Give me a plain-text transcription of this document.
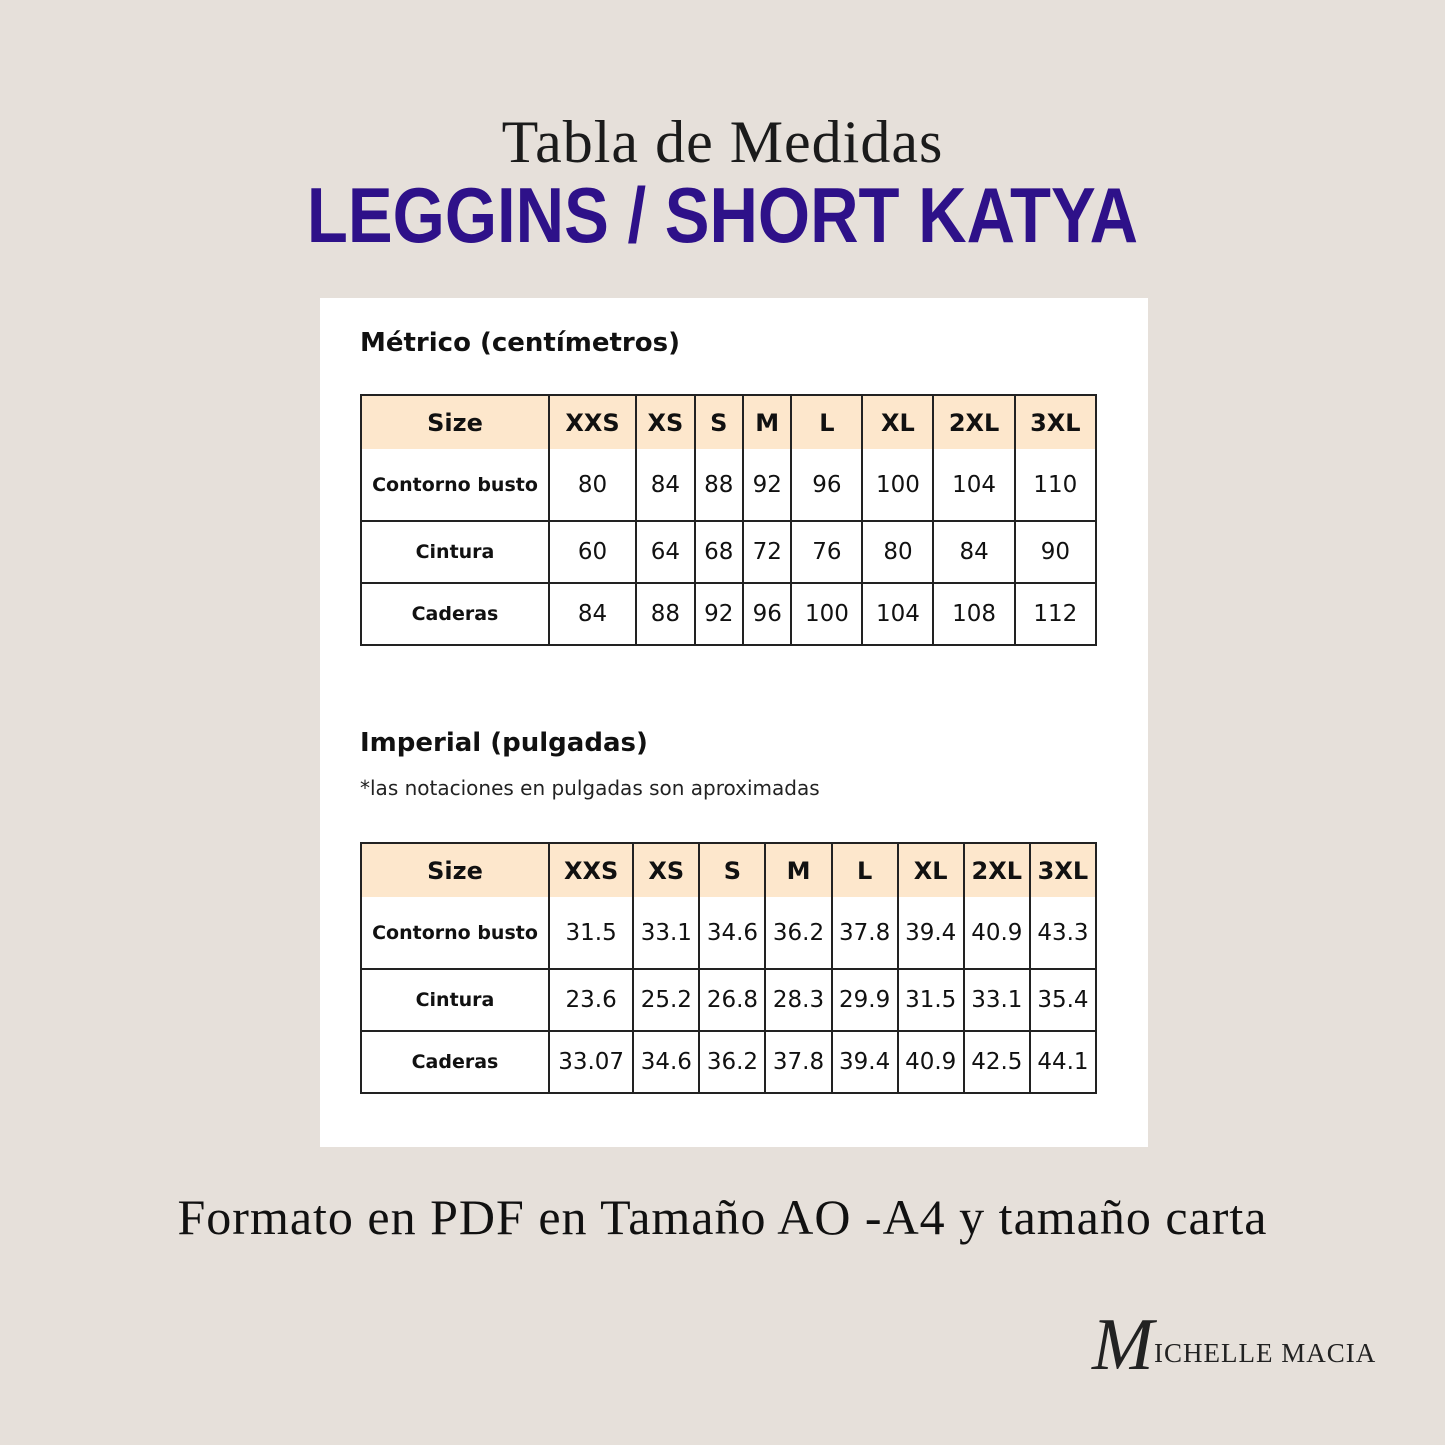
Tabla de Medidas
LEGGINS / SHORT KATYA
Métrico (centímetros)
Size	XXS	XS	S	M	L	XL	2XL	3XL
Contorno busto	80	84	88	92	96	100	104	110
Cintura	60	64	68	72	76	80	84	90
Caderas	84	88	92	96	100	104	108	112
Imperial (pulgadas)
*las notaciones en pulgadas son aproximadas
Size	XXS	XS	S	M	L	XL	2XL	3XL
Contorno busto	31.5	33.1	34.6	36.2	37.8	39.4	40.9	43.3
Cintura	23.6	25.2	26.8	28.3	29.9	31.5	33.1	35.4
Caderas	33.07	34.6	36.2	37.8	39.4	40.9	42.5	44.1
Formato en PDF en Tamaño AO -A4 y tamaño carta
M ICHELLE MACIA
